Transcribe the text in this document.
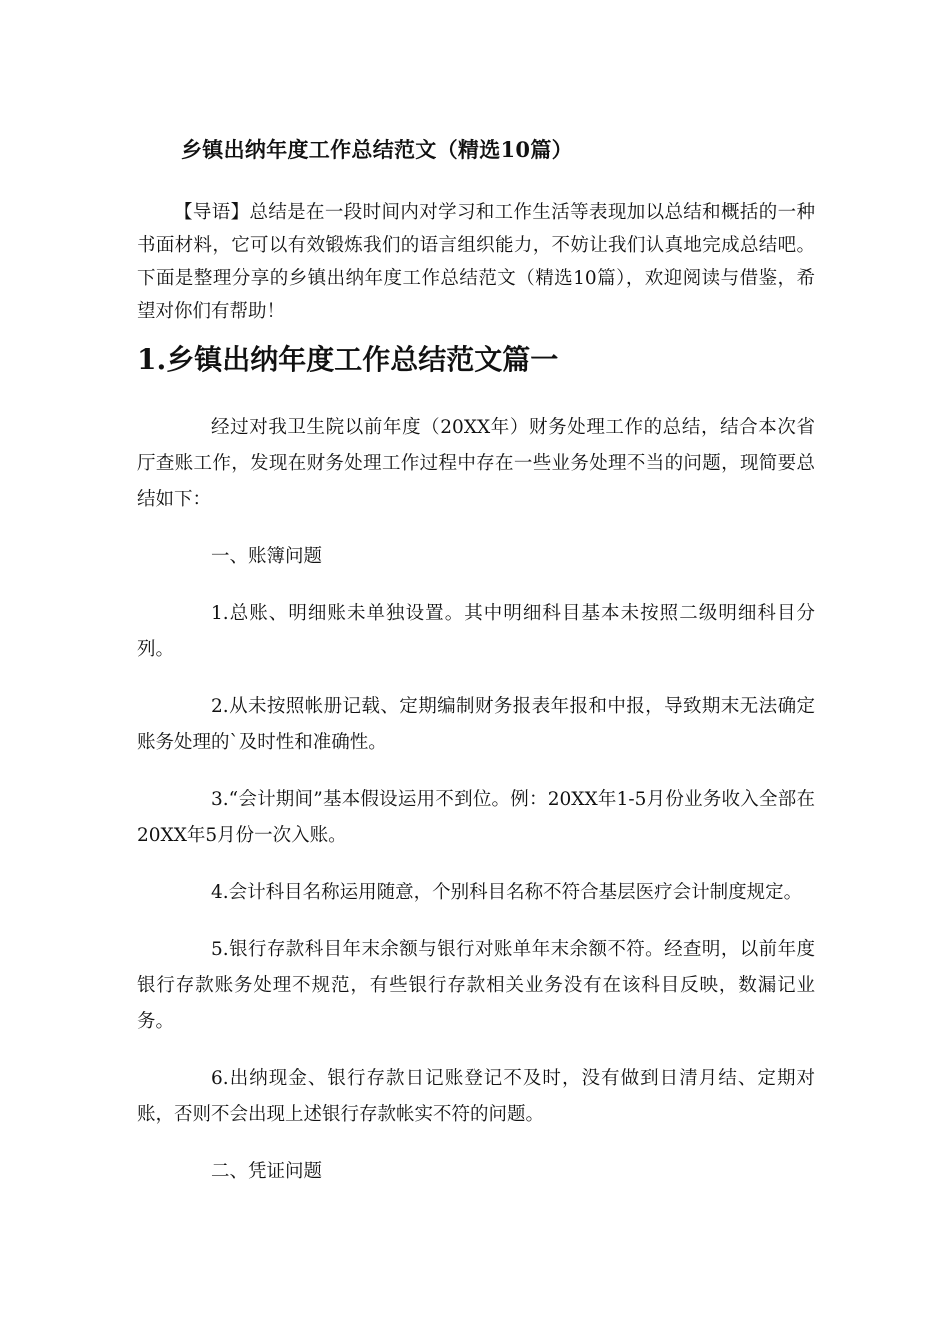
乡镇出纳年度工作总结范文（精选10篇）

【导语】总结是在一段时间内对学习和工作生活等表现加以总结和概括的一种书面材料，它可以有效锻炼我们的语言组织能力，不妨让我们认真地完成总结吧。下面是整理分享的乡镇出纳年度工作总结范文（精选10篇），欢迎阅读与借鉴，希望对你们有帮助！

1.乡镇出纳年度工作总结范文篇一

经过对我卫生院以前年度（20XX年）财务处理工作的总结，结合本次省厅查账工作，发现在财务处理工作过程中存在一些业务处理不当的问题，现简要总结如下：

一、账簿问题

1.总账、明细账未单独设置。其中明细科目基本未按照二级明细科目分列。

2.从未按照帐册记载、定期编制财务报表年报和中报，导致期末无法确定账务处理的`及时性和准确性。

3.“会计期间”基本假设运用不到位。例：20XX年1-5月份业务收入全部在20XX年5月份一次入账。

4.会计科目名称运用随意，个别科目名称不符合基层医疗会计制度规定。

5.银行存款科目年末余额与银行对账单年末余额不符。经查明，以前年度银行存款账务处理不规范，有些银行存款相关业务没有在该科目反映，数漏记业务。

6.出纳现金、银行存款日记账登记不及时，没有做到日清月结、定期对账，否则不会出现上述银行存款帐实不符的问题。

二、凭证问题
